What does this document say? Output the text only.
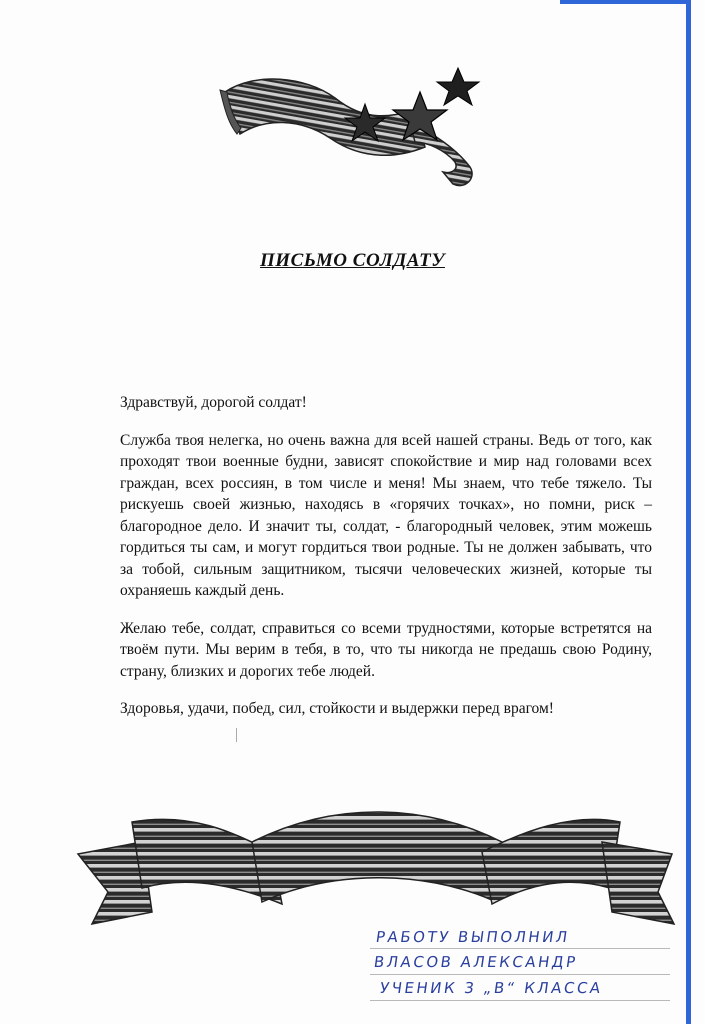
ПИСЬМО СОЛДАТУ

Здравствуй, дорогой солдат!

Служба твоя нелегка, но очень важна для всей нашей страны. Ведь от того, как проходят твои военные будни, зависят спокойствие и мир над головами всех граждан, всех россиян, в том числе и меня! Мы знаем, что тебе тяжело. Ты рискуешь своей жизнью, находясь в «горячих точках», но помни, риск – благородное дело. И значит ты, солдат, - благородный человек, этим можешь гордиться ты сам, и могут гордиться твои родные. Ты не должен забывать, что за тобой, сильным защитником, тысячи человеческих жизней, которые ты охраняешь каждый день.

Желаю тебе, солдат, справиться со всеми трудностями, которые встретятся на твоём пути. Мы верим в тебя, в то, что ты никогда не предашь свою Родину, страну, близких и дорогих тебе людей.

Здоровья, удачи, побед, сил, стойкости и выдержки перед врагом!

РАБОТУ ВЫПОЛНИЛ
ВЛАСОВ АЛЕКСАНДР
УЧЕНИК 3 „В“ КЛАССА
